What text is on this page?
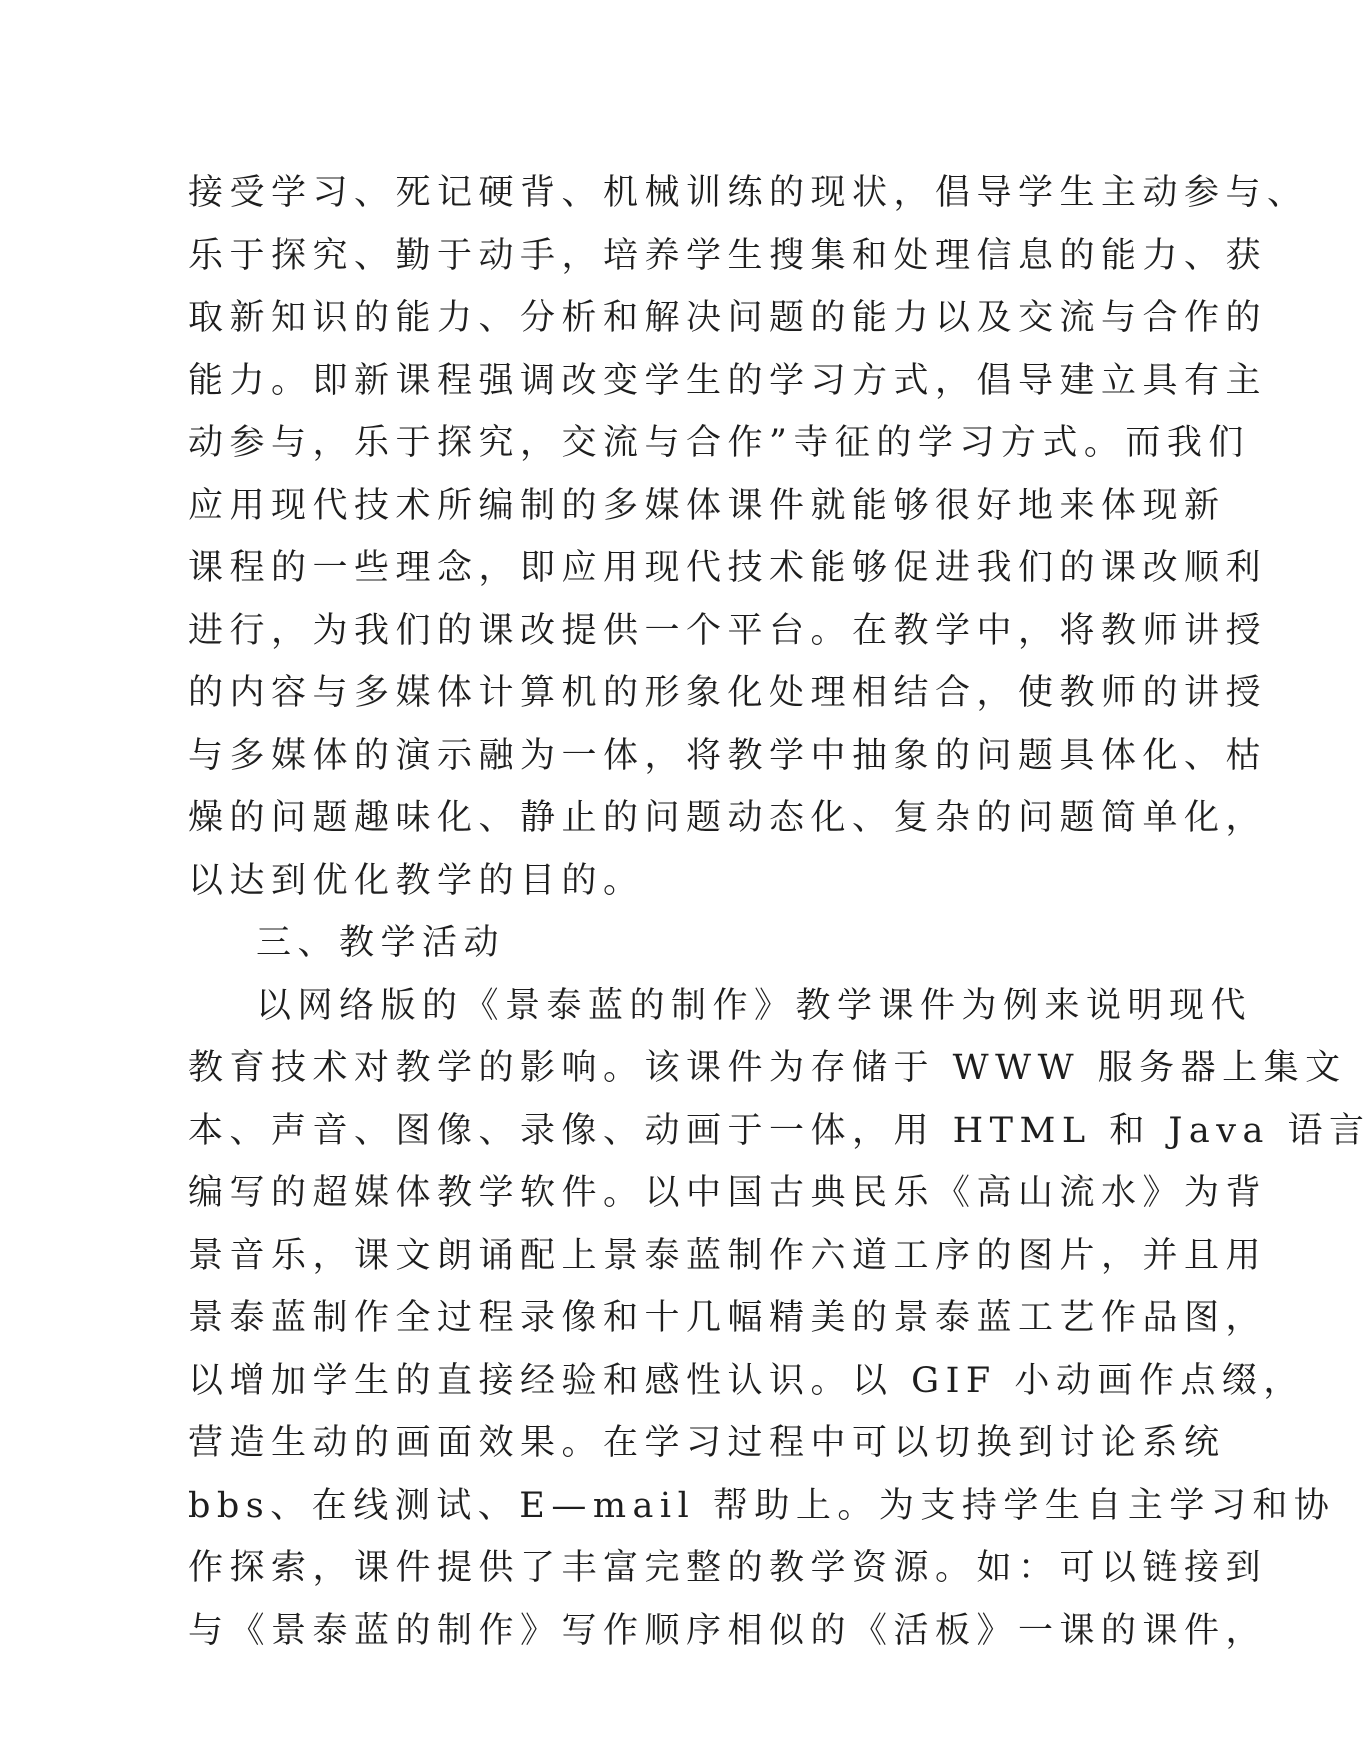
接受学习、死记硬背、机械训练的现状，倡导学生主动参与、
乐于探究、勤于动手，培养学生搜集和处理信息的能力、获
取新知识的能力、分析和解决问题的能力以及交流与合作的
能力。即新课程强调改变学生的学习方式，倡导建立具有主
动参与，乐于探究，交流与合作”寺征的学习方式。而我们
应用现代技术所编制的多媒体课件就能够很好地来体现新
课程的一些理念，即应用现代技术能够促进我们的课改顺利
进行，为我们的课改提供一个平台。在教学中，将教师讲授
的内容与多媒体计算机的形象化处理相结合，使教师的讲授
与多媒体的演示融为一体，将教学中抽象的问题具体化、枯
燥的问题趣味化、静止的问题动态化、复杂的问题简单化，
以达到优化教学的目的。
三、教学活动
以网络版的《景泰蓝的制作》教学课件为例来说明现代
教育技术对教学的影响。该课件为存储于 WWW 服务器上集文
本、声音、图像、录像、动画于一体，用 HTML 和 Java 语言
编写的超媒体教学软件。以中国古典民乐《高山流水》为背
景音乐，课文朗诵配上景泰蓝制作六道工序的图片，并且用
景泰蓝制作全过程录像和十几幅精美的景泰蓝工艺作品图，
以增加学生的直接经验和感性认识。以 GIF 小动画作点缀，
营造生动的画面效果。在学习过程中可以切换到讨论系统
bbs、在线测试、E—mail 帮助上。为支持学生自主学习和协
作探索，课件提供了丰富完整的教学资源。如：可以链接到
与《景泰蓝的制作》写作顺序相似的《活板》一课的课件，
